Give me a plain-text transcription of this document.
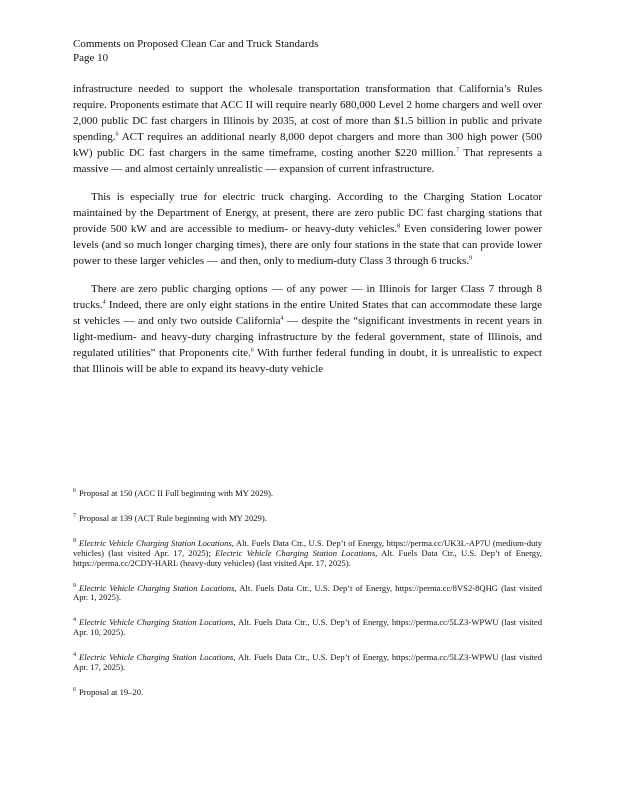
Comments on Proposed Clean Car and Truck Standards
Page 10

infrastructure needed to support the wholesale transportation transformation that California’s Rules require. Proponents estimate that ACC II will require nearly 680,000 Level 2 home chargers and well over 2,000 public DC fast chargers in Illinois by 2035, at cost of more than $1.5 billion in public and private spending.$^6$ ACT requires an additional nearly 8,000 depot chargers and more than 300 high power (500 kW) public DC fast chargers in the same timeframe, costing another $220 million.$^7$ That represents a massive — and almost certainly unrealistic — expansion of current infrastructure.

This is especially true for electric truck charging. According to the Charging Station Locator maintained by the Department of Energy, at present, there are zero public DC fast charging stations that provide 500 kW and are accessible to medium- or heavy-duty vehicles.$^8$ Even considering lower power levels (and so much longer charging times), there are only four stations in the state that can provide lower power to these larger vehicles — and then, only to medium-duty Class 3 through 6 trucks.$^9$

There are zero public charging options — of any power — in Illinois for larger Class 7 through 8 trucks.$^4$ Indeed, there are only eight stations in the entire United States that can accommodate these large st vehicles — and only two outside California$^4$ — despite the “significant investments in recent years in light-medium- and heavy-duty charging infrastructure by the federal government, state of Illinois, and regulated utilities” that Proponents cite.$^6$ With further federal funding in doubt, it is unrealistic to expect that Illinois will be able to expand its heavy-duty vehicle

$^6$ Proposal at 150 (ACC II Full beginning with MY 2029).
$^7$ Proposal at 139 (ACT Rule beginning with MY 2029).
$^8$ Electric Vehicle Charging Station Locations, Alt. Fuels Data Ctr., U.S. Dep’t of Energy, https://perma.cc/UK3L-AP7U (medium-duty vehicles) (last visited Apr. 17, 2025); Electric Vehicle Charging Station Locations, Alt. Fuels Data Ctr., U.S. Dep’t of Energy, https://perma.cc/2CDY-HARL (heavy-duty vehicles) (last visited Apr. 17, 2025).
$^9$ Electric Vehicle Charging Station Locations, Alt. Fuels Data Ctr., U.S. Dep’t of Energy, https://perma.cc/8VS2-8QHG (last visited Apr. 1, 2025).
$^4$ Electric Vehicle Charging Station Locations, Alt. Fuels Data Ctr., U.S. Dep’t of Energy, https://perma.cc/5LZ3-WPWU (last visited Apr. 10, 2025).
$^4$ Electric Vehicle Charging Station Locations, Alt. Fuels Data Ctr., U.S. Dep’t of Energy, https://perma.cc/5LZ3-WPWU (last visited Apr. 17, 2025).
$^6$ Proposal at 19–20.
